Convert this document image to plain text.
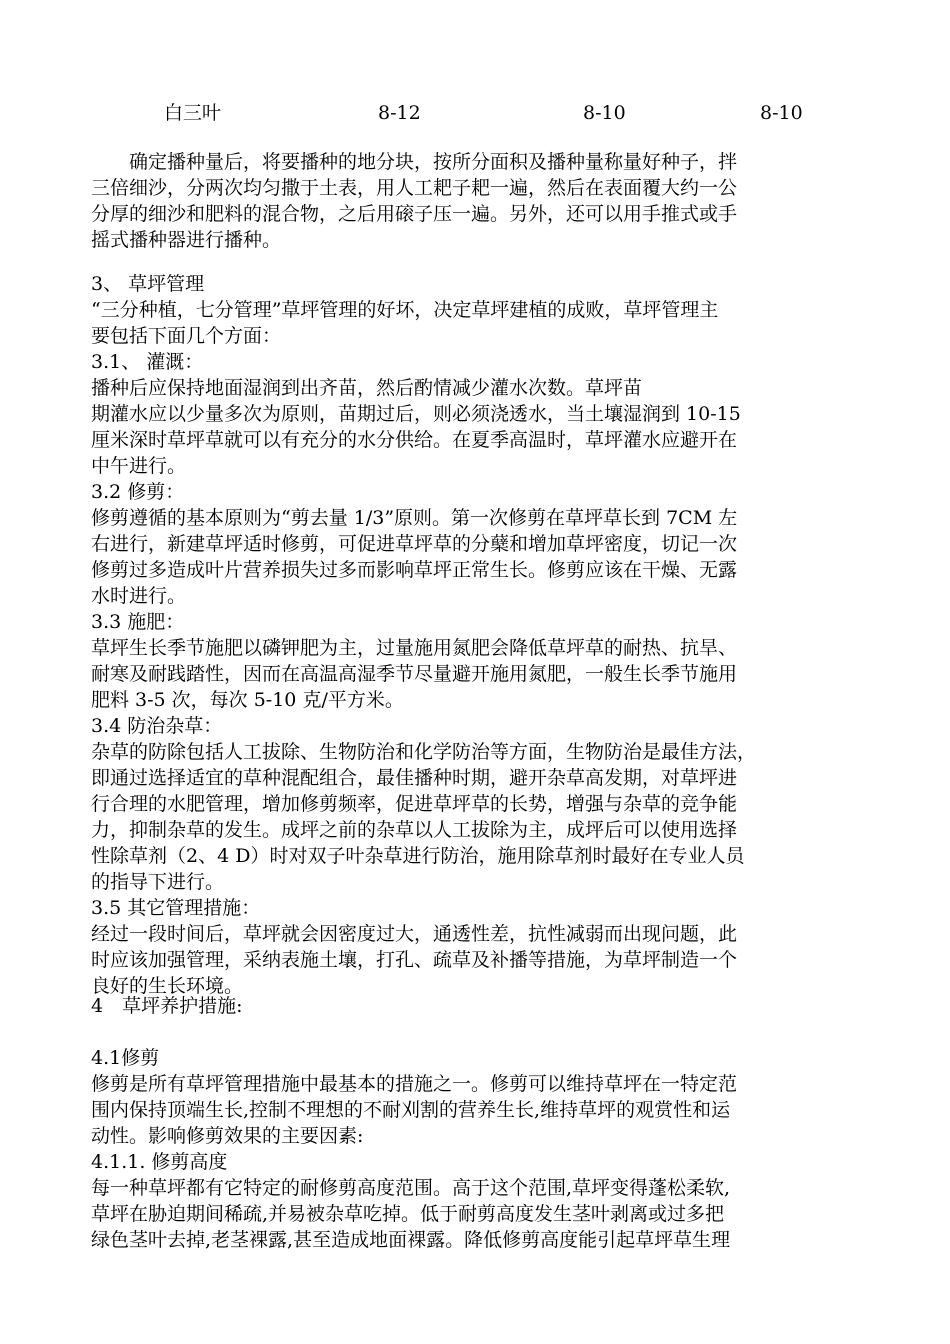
白三叶	8-12	8-10	8-10

　　确定播种量后，将要播种的地分块，按所分面积及播种量称量好种子，拌

三倍细沙，分两次均匀撒于土表，用人工耙子耙一遍，然后在表面覆大约一公

分厚的细沙和肥料的混合物，之后用磙子压一遍。另外，还可以用手推式或手

摇式播种器进行播种。

3、 草坪管理

“三分种植，七分管理”草坪管理的好坏，决定草坪建植的成败，草坪管理主

要包括下面几个方面：

3.1、 灌溉：

播种后应保持地面湿润到出齐苗，然后酌情减少灌水次数。草坪苗

期灌水应以少量多次为原则，苗期过后，则必须浇透水，当土壤湿润到 10-15

厘米深时草坪草就可以有充分的水分供给。在夏季高温时，草坪灌水应避开在

中午进行。

3.2 修剪：

修剪遵循的基本原则为“剪去量 1/3”原则。第一次修剪在草坪草长到 7CM 左

右进行，新建草坪适时修剪，可促进草坪草的分蘖和增加草坪密度，切记一次

修剪过多造成叶片营养损失过多而影响草坪正常生长。修剪应该在干燥、无露

水时进行。

3.3 施肥：

草坪生长季节施肥以磷钾肥为主，过量施用氮肥会降低草坪草的耐热、抗旱、

耐寒及耐践踏性，因而在高温高湿季节尽量避开施用氮肥，一般生长季节施用

肥料 3-5 次，每次 5-10 克/平方米。

3.4 防治杂草：

杂草的防除包括人工拔除、生物防治和化学防治等方面，生物防治是最佳方法，

即通过选择适宜的草种混配组合，最佳播种时期，避开杂草高发期，对草坪进

行合理的水肥管理，增加修剪频率，促进草坪草的长势，增强与杂草的竞争能

力，抑制杂草的发生。成坪之前的杂草以人工拔除为主，成坪后可以使用选择

性除草剂（2、4 D）时对双子叶杂草进行防治，施用除草剂时最好在专业人员

的指导下进行。

3.5 其它管理措施：

经过一段时间后，草坪就会因密度过大，通透性差，抗性减弱而出现问题，此

时应该加强管理，采纳表施土壤，打孔、疏草及补播等措施，为草坪制造一个

良好的生长环境。

4　草坪养护措施:

4.1修剪

修剪是所有草坪管理措施中最基本的措施之一。修剪可以维持草坪在一特定范

围内保持顶端生长,控制不理想的不耐刈割的营养生长,维持草坪的观赏性和运

动性。影响修剪效果的主要因素:

4.1.1. 修剪高度

每一种草坪都有它特定的耐修剪高度范围。高于这个范围,草坪变得蓬松柔软,

草坪在胁迫期间稀疏,并易被杂草吃掉。低于耐剪高度发生茎叶剥离或过多把

绿色茎叶去掉,老茎裸露,甚至造成地面裸露。降低修剪高度能引起草坪草生理
